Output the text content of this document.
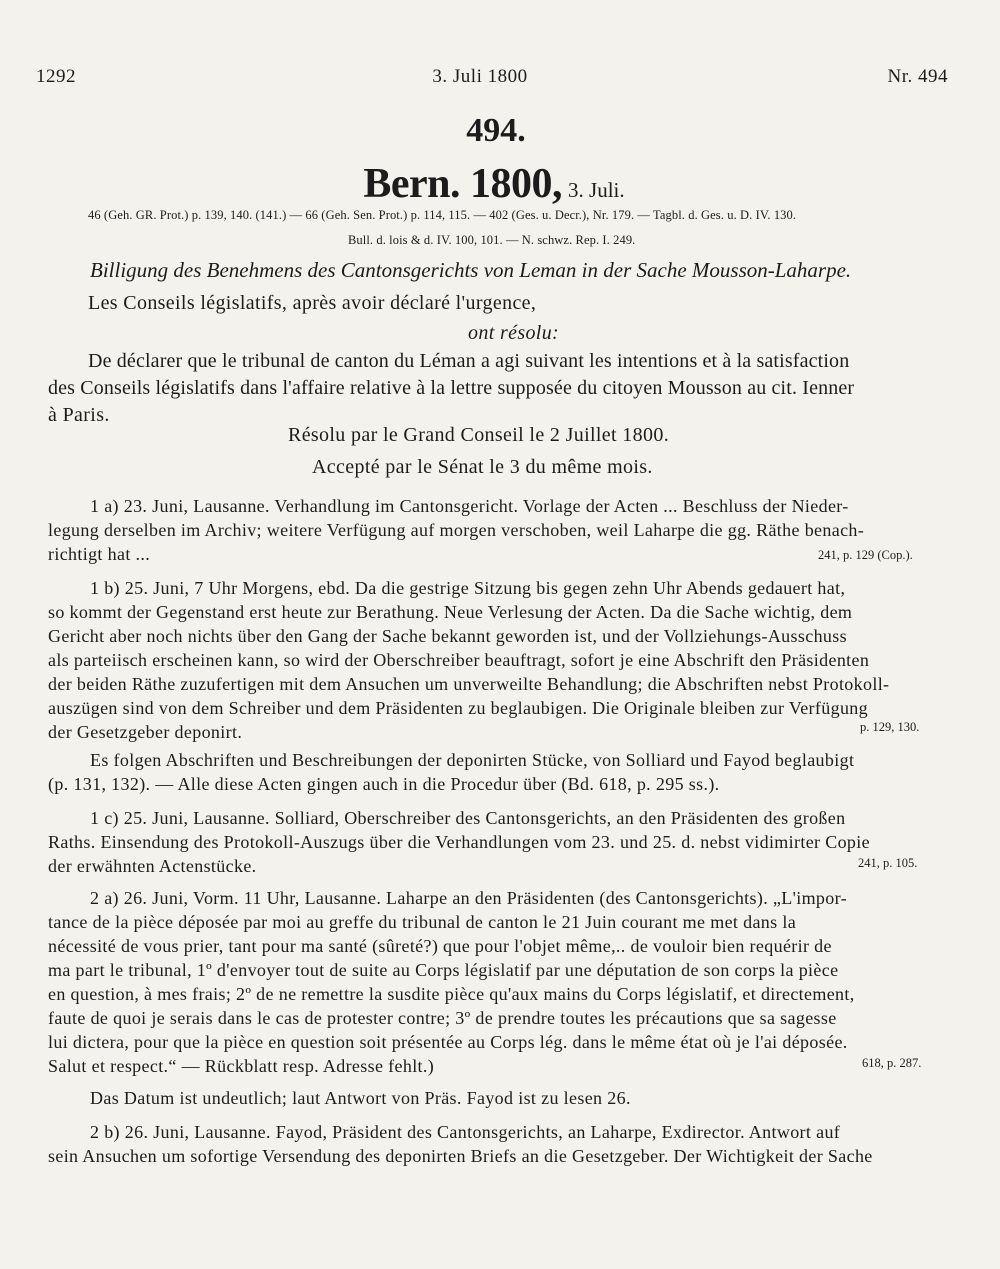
1292	3. Juli 1800	Nr. 494
494.
Bern. 1800, 3. Juli.
46 (Geh. GR. Prot.) p. 139, 140. (141.) — 66 (Geh. Sen. Prot.) p. 114, 115. — 402 (Ges. u. Decr.), Nr. 179. — Tagbl. d. Ges. u. D. IV. 130.
Bull. d. lois & d. IV. 100, 101. — N. schwz. Rep. I. 249.
Billigung des Benehmens des Cantonsgerichts von Leman in der Sache Mousson-Laharpe.
Les Conseils législatifs, après avoir déclaré l'urgence,
ont résolu:
De déclarer que le tribunal de canton du Léman a agi suivant les intentions et à la satisfaction
des Conseils législatifs dans l'affaire relative à la lettre supposée du citoyen Mousson au cit. Ienner
à Paris.
Résolu par le Grand Conseil le 2 Juillet 1800.
Accepté par le Sénat le 3 du même mois.
1 a) 23. Juni, Lausanne. Verhandlung im Cantonsgericht. Vorlage der Acten ... Beschluss der Nieder-
legung derselben im Archiv; weitere Verfügung auf morgen verschoben, weil Laharpe die gg. Räthe benach-
richtigt hat ...	241, p. 129 (Cop.).
1 b) 25. Juni, 7 Uhr Morgens, ebd. Da die gestrige Sitzung bis gegen zehn Uhr Abends gedauert hat,
so kommt der Gegenstand erst heute zur Berathung. Neue Verlesung der Acten. Da die Sache wichtig, dem
Gericht aber noch nichts über den Gang der Sache bekannt geworden ist, und der Vollziehungs-Ausschuss
als parteiisch erscheinen kann, so wird der Oberschreiber beauftragt, sofort je eine Abschrift den Präsidenten
der beiden Räthe zuzufertigen mit dem Ansuchen um unverweilte Behandlung; die Abschriften nebst Protokoll-
auszügen sind von dem Schreiber und dem Präsidenten zu beglaubigen. Die Originale bleiben zur Verfügung
der Gesetzgeber deponirt.	p. 129, 130.
Es folgen Abschriften und Beschreibungen der deponirten Stücke, von Solliard und Fayod beglaubigt
(p. 131, 132). — Alle diese Acten gingen auch in die Procedur über (Bd. 618, p. 295 ss.).
1 c) 25. Juni, Lausanne. Solliard, Oberschreiber des Cantonsgerichts, an den Präsidenten des großen
Raths. Einsendung des Protokoll-Auszugs über die Verhandlungen vom 23. und 25. d. nebst vidimirter Copie
der erwähnten Actenstücke.	241, p. 105.
2 a) 26. Juni, Vorm. 11 Uhr, Lausanne. Laharpe an den Präsidenten (des Cantonsgerichts). „L'impor-
tance de la pièce déposée par moi au greffe du tribunal de canton le 21 Juin courant me met dans la
nécessité de vous prier, tant pour ma santé (sûreté?) que pour l'objet même,.. de vouloir bien requérir de
ma part le tribunal, 1º d'envoyer tout de suite au Corps législatif par une députation de son corps la pièce
en question, à mes frais; 2º de ne remettre la susdite pièce qu'aux mains du Corps législatif, et directement,
faute de quoi je serais dans le cas de protester contre; 3º de prendre toutes les précautions que sa sagesse
lui dictera, pour que la pièce en question soit présentée au Corps lég. dans le même état où je l'ai déposée.
Salut et respect.“ — Rückblatt resp. Adresse fehlt.)	618, p. 287.
Das Datum ist undeutlich; laut Antwort von Präs. Fayod ist zu lesen 26.
2 b) 26. Juni, Lausanne. Fayod, Präsident des Cantonsgerichts, an Laharpe, Exdirector. Antwort auf
sein Ansuchen um sofortige Versendung des deponirten Briefs an die Gesetzgeber. Der Wichtigkeit der Sache
